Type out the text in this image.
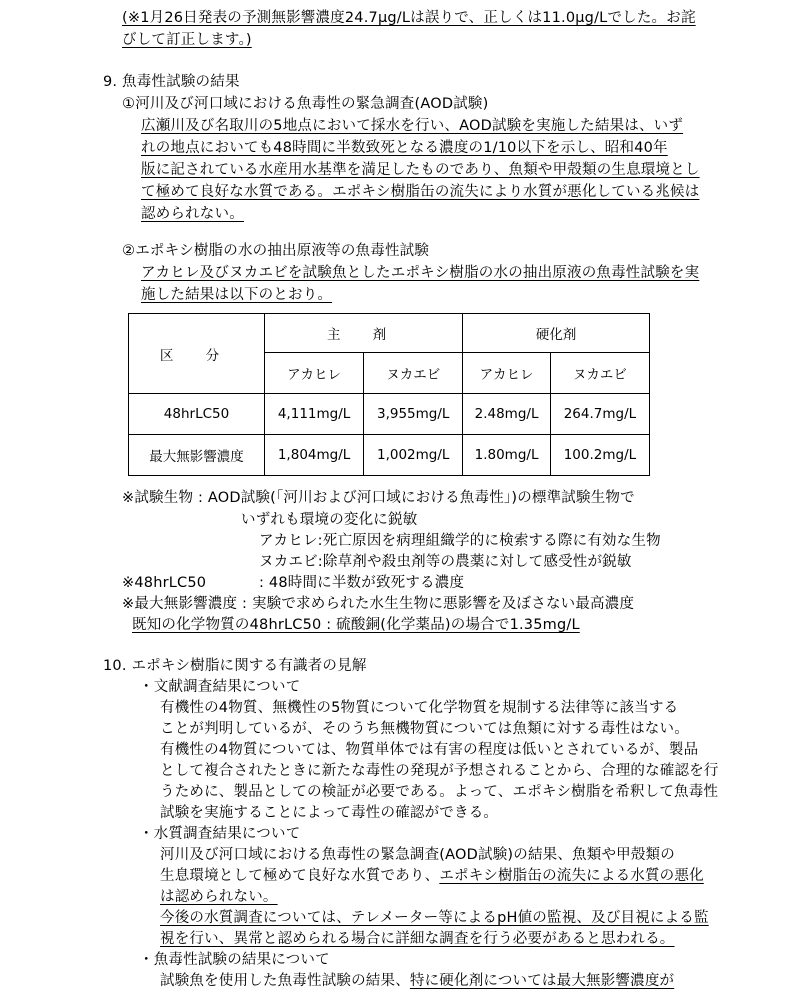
(※1月26日発表の予測無影響濃度24.7μg/Lは誤りで、正しくは11.0μg/Lでした。お詫
びして訂正します。)
9. 魚毒性試験の結果
①河川及び河口域における魚毒性の緊急調査(AOD試験)
広瀬川及び名取川の5地点において採水を行い、AOD試験を実施した結果は、いず
れの地点においても48時間に半数致死となる濃度の1/10以下を示し、昭和40年
版に記されている水産用水基準を満足したものであり、魚類や甲殻類の生息環境とし
て極めて良好な水質である。エポキシ樹脂缶の流失により水質が悪化している兆候は
認められない。
②エポキシ樹脂の水の抽出原液等の魚毒性試験
アカヒレ及びヌカエビを試験魚としたエポキシ樹脂の水の抽出原液の魚毒性試験を実
施した結果は以下のとおり。
区 分	主 剤		硬化剤	
	アカヒレ	ヌカエビ	アカヒレ	ヌカエビ
48hrLC50	4,111mg/L	3,955mg/L	2.48mg/L	264.7mg/L
最大無影響濃度	1,804mg/L	1,002mg/L	1.80mg/L	100.2mg/L
※試験生物 : AOD試験(「河川および河口域における魚毒性」)の標準試験生物で
いずれも環境の変化に鋭敏
アカヒレ:死亡原因を病理組織学的に検索する際に有効な生物
ヌカエビ:除草剤や殺虫剤等の農薬に対して感受性が鋭敏
※48hrLC50	: 48時間に半数が致死する濃度
※最大無影響濃度 : 実験で求められた水生生物に悪影響を及ぼさない最高濃度
既知の化学物質の48hrLC50 : 硫酸銅(化学薬品)の場合で1.35mg/L
10. エポキシ樹脂に関する有識者の見解
・文献調査結果について
有機性の4物質、無機性の5物質について化学物質を規制する法律等に該当する
ことが判明しているが、そのうち無機物質については魚類に対する毒性はない。
有機性の4物質については、物質単体では有害の程度は低いとされているが、製品
として複合されたときに新たな毒性の発現が予想されることから、合理的な確認を行
うために、製品としての検証が必要である。よって、エポキシ樹脂を希釈して魚毒性
試験を実施することによって毒性の確認ができる。
・水質調査結果について
河川及び河口域における魚毒性の緊急調査(AOD試験)の結果、魚類や甲殻類の
生息環境として極めて良好な水質であり、エポキシ樹脂缶の流失による水質の悪化
は認められない。
今後の水質調査については、テレメーター等によるpH値の監視、及び目視による監
視を行い、異常と認められる場合に詳細な調査を行う必要があると思われる。
・魚毒性試験の結果について
試験魚を使用した魚毒性試験の結果、特に硬化剤については最大無影響濃度が
